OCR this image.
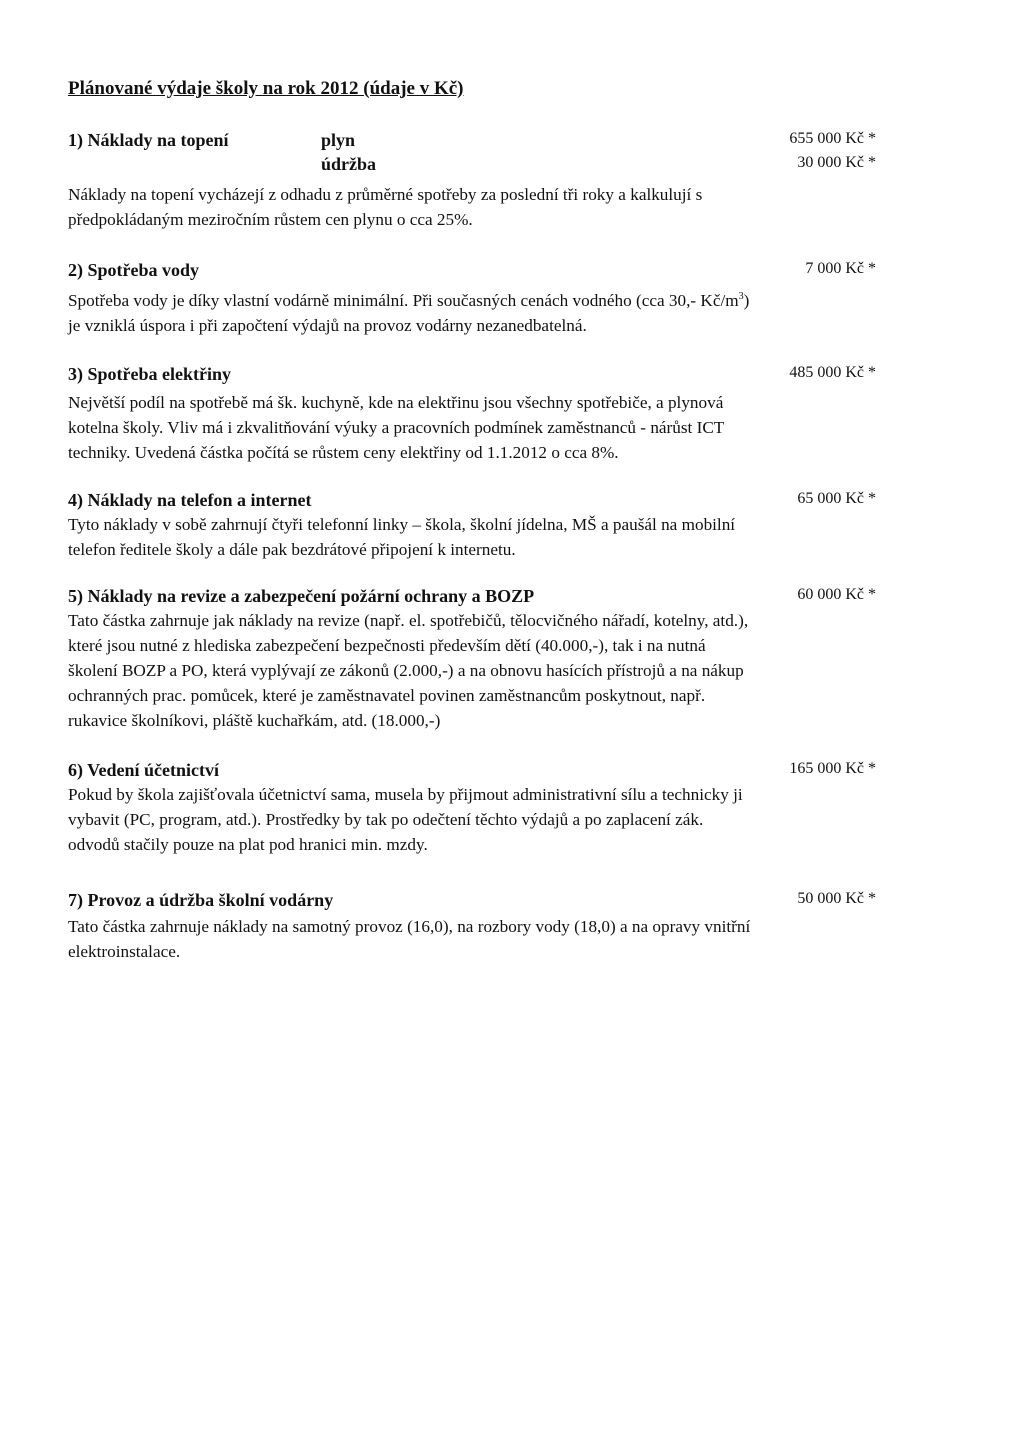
Plánované výdaje školy na rok 2012 (údaje v Kč)
1) Náklady na topení	plyn	655 000 Kč *
údržba	30 000 Kč *
Náklady na topení vycházejí z odhadu z průměrné spotřeby za poslední tři roky a kalkulují s
předpokládaným meziročním růstem cen plynu o cca 25%.
2) Spotřeba vody	7 000 Kč *
Spotřeba vody je díky vlastní vodárně minimální. Při současných cenách vodného (cca 30,- $Kč/m^3$)
je vzniklá úspora i při započtení výdajů na provoz vodárny nezanedbatelná.
3) Spotřeba elektřiny	485 000 Kč *
Největší podíl na spotřebě má šk. kuchyně, kde na elektřinu jsou všechny spotřebiče, a plynová
kotelna školy. Vliv má i zkvalitňování výuky a pracovních podmínek zaměstnanců - nárůst ICT
techniky. Uvedená částka počítá se růstem ceny elektřiny od 1.1.2012 o cca 8%.
4) Náklady na telefon a internet	65 000 Kč *
Tyto náklady v sobě zahrnují čtyři telefonní linky – škola, školní jídelna, MŠ a paušál na mobilní
telefon ředitele školy a dále pak bezdrátové připojení k internetu.
5) Náklady na revize a zabezpečení požární ochrany a BOZP	60 000 Kč *
Tato částka zahrnuje jak náklady na revize (např. el. spotřebičů, tělocvičného nářadí, kotelny, atd.),
které jsou nutné z hlediska zabezpečení bezpečnosti především dětí (40.000,-), tak i na nutná
školení BOZP a PO, která vyplývají ze zákonů (2.000,-) a na obnovu hasících přístrojů a na nákup
ochranných prac. pomůcek, které je zaměstnavatel povinen zaměstnancům poskytnout, např.
rukavice školníkovi, pláště kuchařkám, atd. (18.000,-)
6) Vedení účetnictví	165 000 Kč *
Pokud by škola zajišťovala účetnictví sama, musela by přijmout administrativní sílu a technicky ji
vybavit (PC, program, atd.). Prostředky by tak po odečtení těchto výdajů a po zaplacení zák.
odvodů stačily pouze na plat pod hranici min. mzdy.
7) Provoz a údržba školní vodárny	50 000 Kč *
Tato částka zahrnuje náklady na samotný provoz (16,0), na rozbory vody (18,0) a na opravy vnitřní
elektroinstalace.
